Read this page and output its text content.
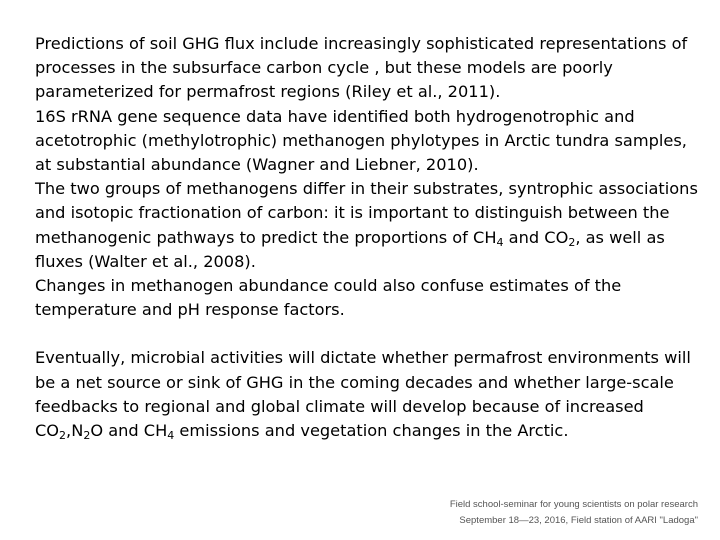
Predictions of soil GHG flux include increasingly sophisticated representations of processes in the subsurface carbon cycle , but these models are poorly parameterized for permafrost regions (Riley et al., 2011).

16S rRNA gene sequence data have identified both hydrogenotrophic and acetotrophic (methylotrophic) methanogen phylotypes in Arctic tundra samples, at substantial abundance (Wagner and Liebner, 2010).

The two groups of methanogens differ in their substrates, syntrophic associations and isotopic fractionation of carbon: it is important to distinguish between the methanogenic pathways to predict the proportions of $CH_4$ and $CO_2$, as well as fluxes (Walter et al., 2008).

Changes in methanogen abundance could also confuse estimates of the temperature and pH response factors.

Eventually, microbial activities will dictate whether permafrost environments will be a net source or sink of GHG in the coming decades and whether large-scale feedbacks to regional and global climate will develop because of increased $CO_2,N_2O$ and $CH_4$ emissions and vegetation changes in the Arctic.

Field school-seminar for young scientists on polar research
September 18—23, 2016, Field station of AARI "Ladoga"
